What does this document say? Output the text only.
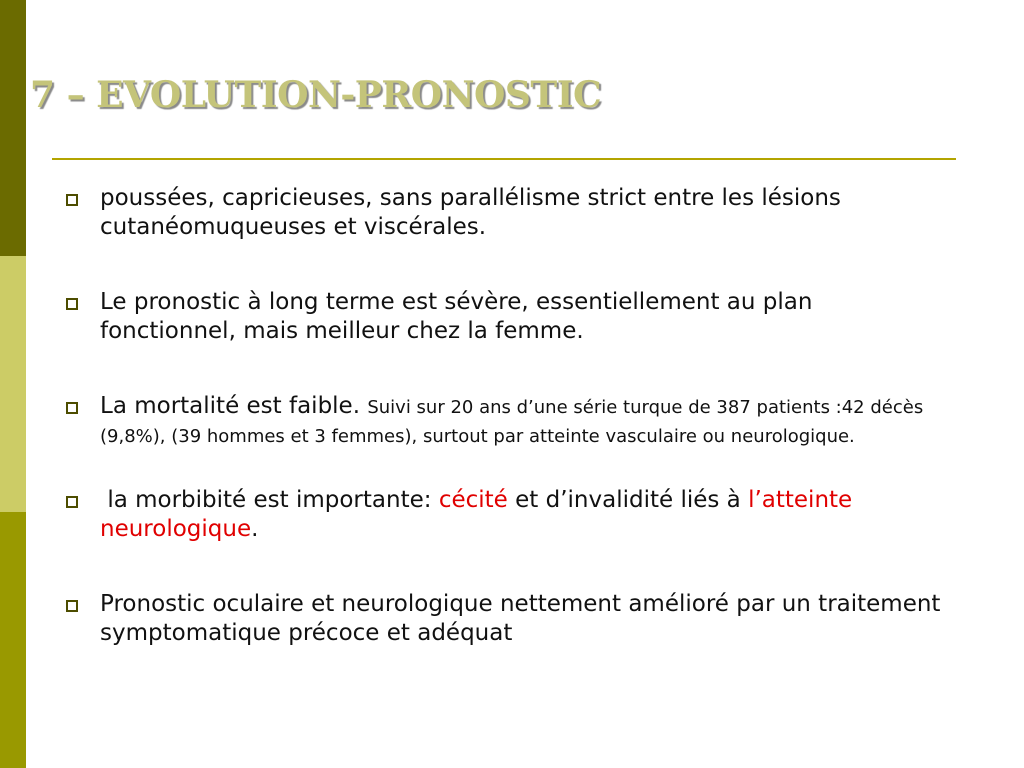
7 – EVOLUTION-PRONOSTIC
poussées, capricieuses, sans parallélisme strict entre les lésions cutanéomuqueuses et viscérales.
Le pronostic à long terme est sévère, essentiellement au plan fonctionnel, mais meilleur chez la femme.
La mortalité est faible. Suivi sur 20 ans d’une série turque de 387 patients :42 décès (9,8%), (39 hommes et 3 femmes), surtout par atteinte vasculaire ou neurologique.
la morbibité est importante: cécité et d’invalidité liés à l’atteinte neurologique.
Pronostic oculaire et neurologique nettement amélioré par un traitement symptomatique précoce et adéquat
